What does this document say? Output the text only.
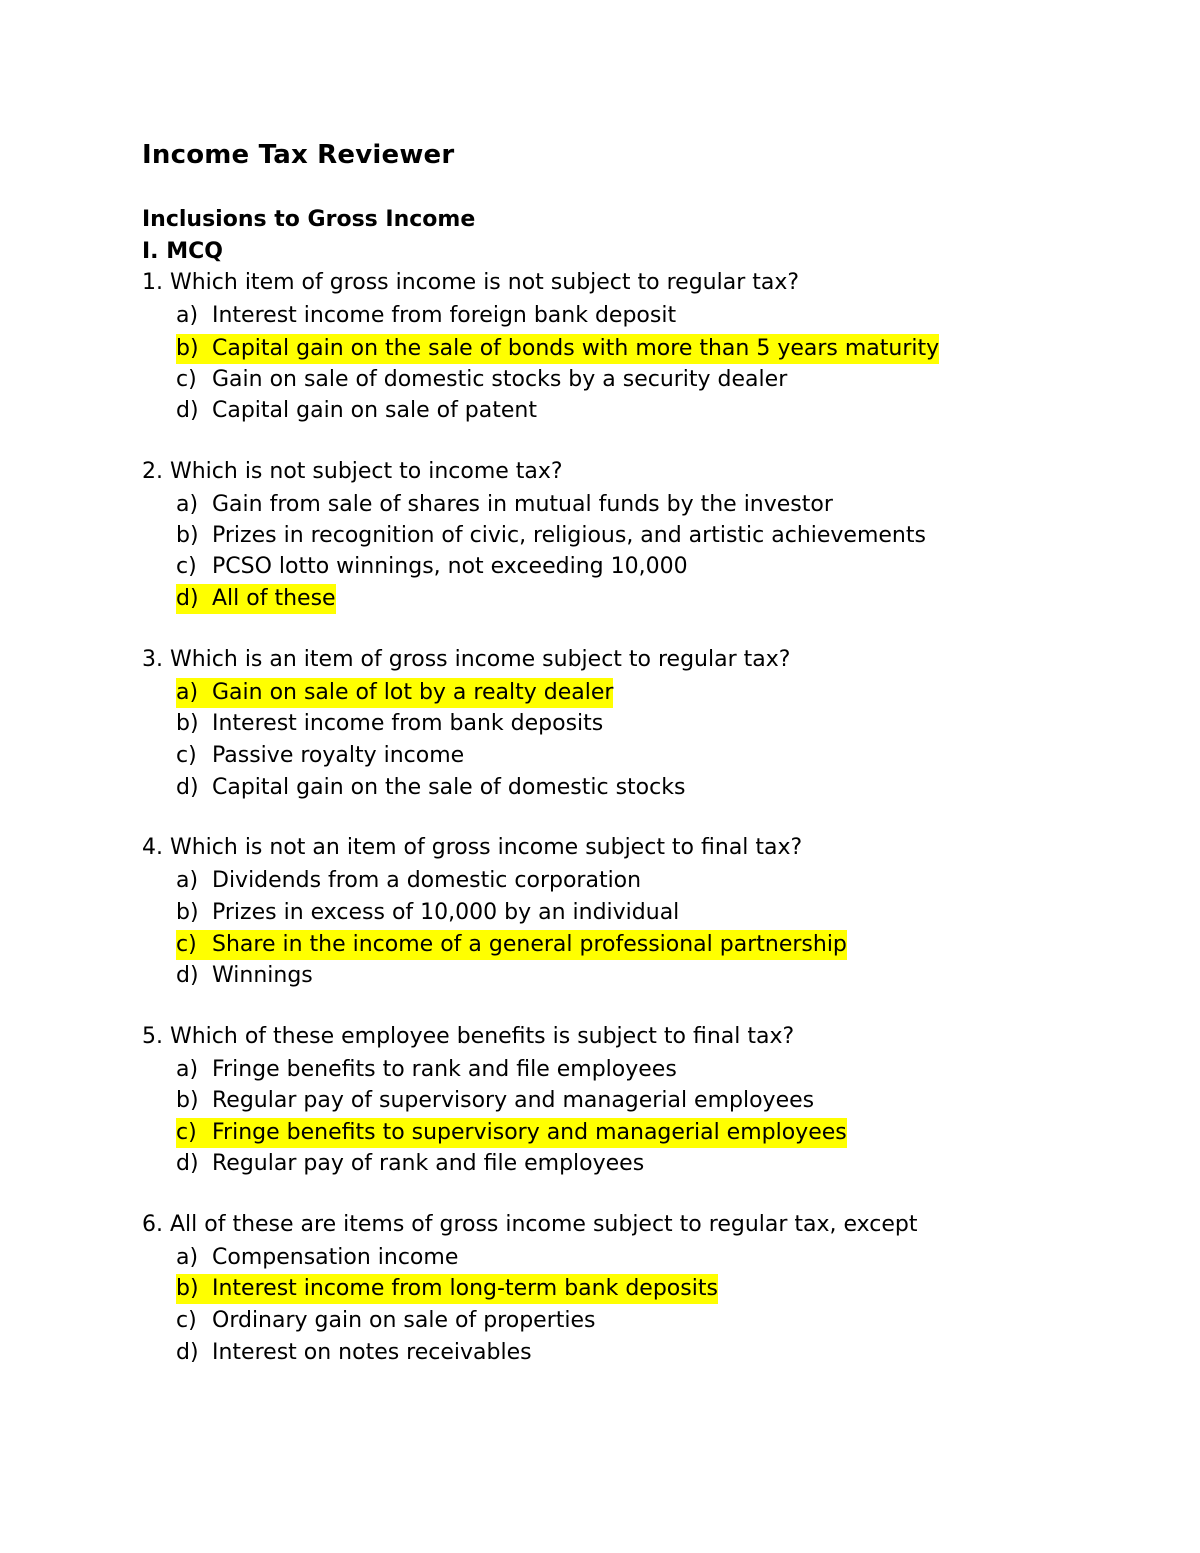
Income Tax Reviewer
Inclusions to Gross Income
I. MCQ
1. Which item of gross income is not subject to regular tax?
a) Interest income from foreign bank deposit
b) Capital gain on the sale of bonds with more than 5 years maturity
c) Gain on sale of domestic stocks by a security dealer
d) Capital gain on sale of patent
2. Which is not subject to income tax?
a) Gain from sale of shares in mutual funds by the investor
b) Prizes in recognition of civic, religious, and artistic achievements
c) PCSO lotto winnings, not exceeding 10,000
d) All of these
3. Which is an item of gross income subject to regular tax?
a) Gain on sale of lot by a realty dealer
b) Interest income from bank deposits
c) Passive royalty income
d) Capital gain on the sale of domestic stocks
4. Which is not an item of gross income subject to final tax?
a) Dividends from a domestic corporation
b) Prizes in excess of 10,000 by an individual
c) Share in the income of a general professional partnership
d) Winnings
5. Which of these employee benefits is subject to final tax?
a) Fringe benefits to rank and file employees
b) Regular pay of supervisory and managerial employees
c) Fringe benefits to supervisory and managerial employees
d) Regular pay of rank and file employees
6. All of these are items of gross income subject to regular tax, except
a) Compensation income
b) Interest income from long-term bank deposits
c) Ordinary gain on sale of properties
d) Interest on notes receivables
